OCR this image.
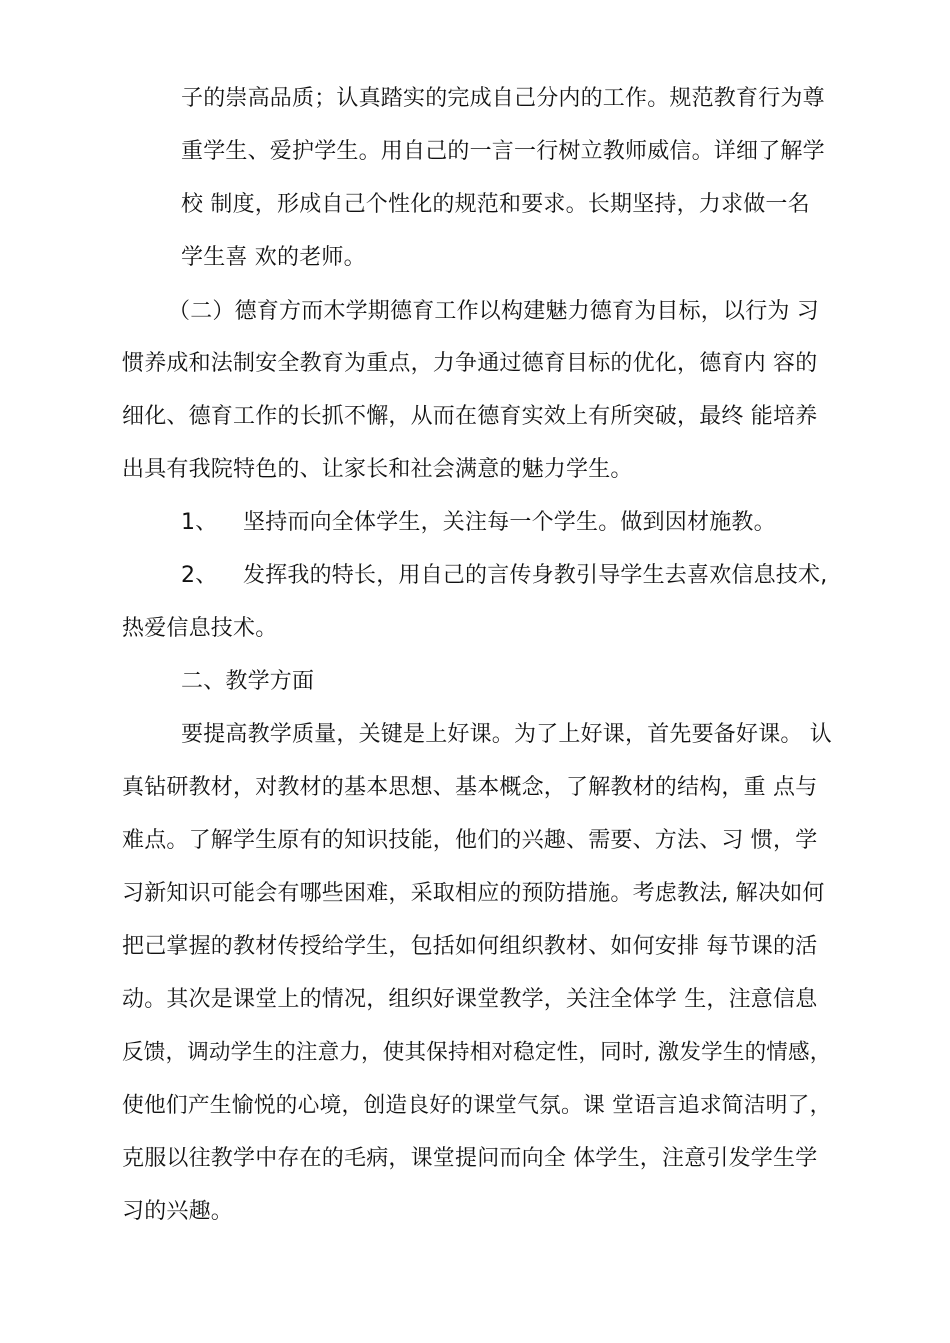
子的崇高品质；认真踏实的完成自己分内的工作。规范教育行为尊
重学生、爱护学生。用自己的一言一行树立教师威信。详细了解学
校 制度，形成自己个性化的规范和要求。长期坚持，力求做一名
学生喜 欢的老师。
（二）德育方而木学期德育工作以构建魅力德育为目标，以行为 习
惯养成和法制安全教育为重点，力争通过德育目标的优化，德育内 容的
细化、德育工作的长抓不懈，从而在德育实效上有所突破，最终 能培养
出具有我院特色的、让家长和社会满意的魅力学生。
1、 坚持而向全体学生，关注每一个学生。做到因材施教。
2、 发挥我的特长，用自己的言传身教引导学生去喜欢信息技术,
热爱信息技术。
二、教学方面
要提高教学质量，关键是上好课。为了上好课，首先要备好课。 认
真钻研教材，对教材的基本思想、基本概念，了解教材的结构，重 点与
难点。了解学生原有的知识技能，他们的兴趣、需要、方法、习 惯，学
习新知识可能会有哪些困难，采取相应的预防措施。考虑教法, 解决如何
把己掌握的教材传授给学生，包括如何组织教材、如何安排 每节课的活
动。其次是课堂上的情况，组织好课堂教学，关注全体学 生，注意信息
反馈，调动学生的注意力，使其保持相对稳定性，同时, 激发学生的情感，
使他们产生愉悦的心境，创造良好的课堂气氛。课 堂语言追求简洁明了，
克服以往教学中存在的毛病，课堂提问而向全 体学生，注意引发学生学
习的兴趣。
